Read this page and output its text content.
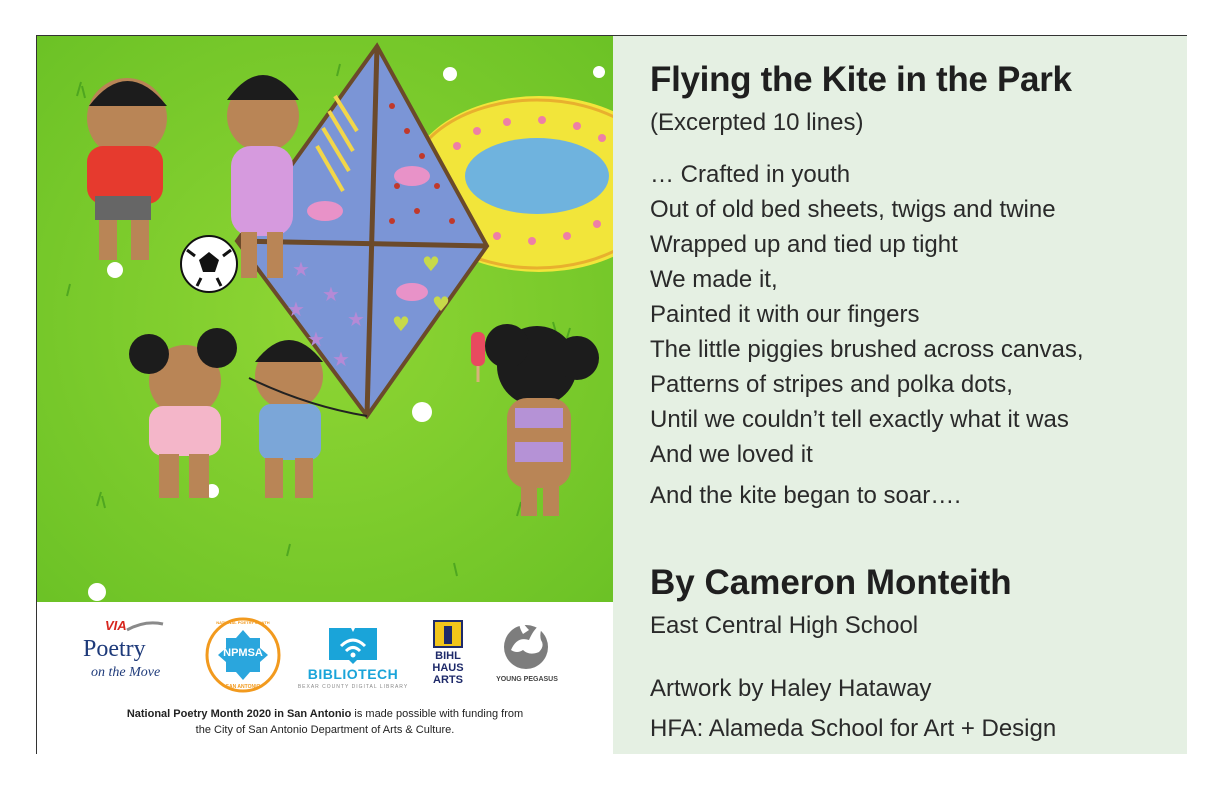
★
★
★
★
★
★
♥
♥
♥
VIA
Poetry
on the Move
NPMSA
NATIONAL POETRY MONTH
SAN ANTONIO
BIBLIOTECH
BEXAR COUNTY DIGITAL LIBRARY
BIHL
HAUS
ARTS	YOUNG PEGASUS
National Poetry Month 2020 in San Antonio is made possible with funding from
the City of San Antonio Department of Arts & Culture.
Flying the Kite in the Park
(Excerpted 10 lines)
… Crafted in youth
Out of old bed sheets, twigs and twine
Wrapped up and tied up tight
We made it,
Painted it with our fingers
The little piggies brushed across canvas,
Patterns of stripes and polka dots,
Until we couldn’t tell exactly what it was
And we loved it
And the kite began to soar….
By Cameron Monteith
East Central High School
Artwork by Haley Hataway
HFA: Alameda School for Art + Design
